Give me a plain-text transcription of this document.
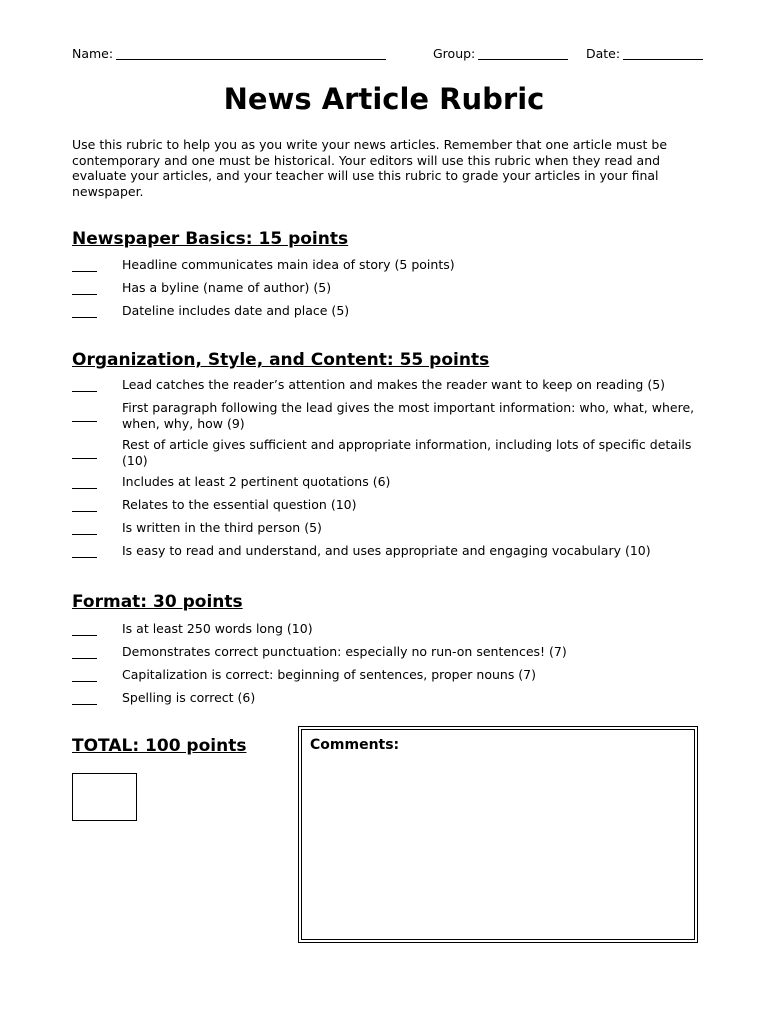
Name:	Group:	Date:
News Article Rubric
Use this rubric to help you as you write your news articles. Remember that one article must be contemporary and one must be historical. Your editors will use this rubric when they read and evaluate your articles, and your teacher will use this rubric to grade your articles in your final newspaper.
Newspaper Basics: 15 points
Headline communicates main idea of story (5 points)
Has a byline (name of author) (5)
Dateline includes date and place (5)
Organization, Style, and Content: 55 points
Lead catches the reader’s attention and makes the reader want to keep on reading (5)
First paragraph following the lead gives the most important information: who, what, where, when, why, how (9)
Rest of article gives sufficient and appropriate information, including lots of specific details (10)
Includes at least 2 pertinent quotations (6)
Relates to the essential question (10)
Is written in the third person (5)
Is easy to read and understand, and uses appropriate and engaging vocabulary (10)
Format: 30 points
Is at least 250 words long (10)
Demonstrates correct punctuation: especially no run-on sentences! (7)
Capitalization is correct: beginning of sentences, proper nouns (7)
Spelling is correct (6)
TOTAL: 100 points	Comments:
